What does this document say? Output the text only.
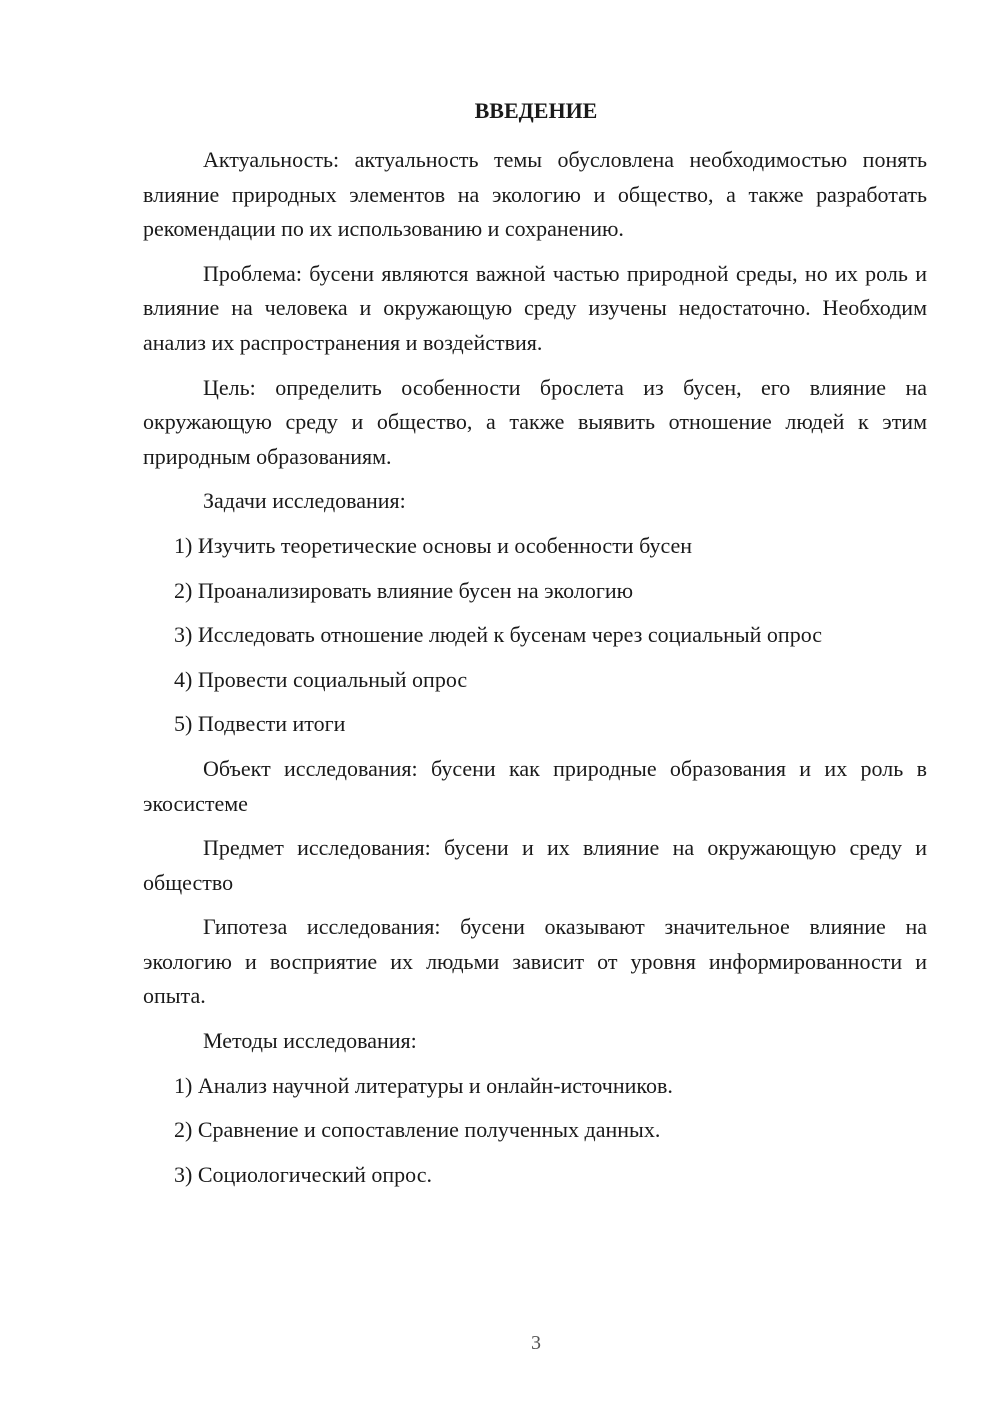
ВВЕДЕНИЕ

Актуальность: актуальность темы обусловлена необходимостью понять влияние природных элементов на экологию и общество, а также разработать рекомендации по их использованию и сохранению.

Проблема: бусени являются важной частью природной среды, но их роль и влияние на человека и окружающую среду изучены недостаточно. Необходим анализ их распространения и воздействия.

Цель: определить особенности брослета из бусен, его влияние на окружающую среду и общество, а также выявить отношение людей к этим природным образованиям.

Задачи исследования:

1) Изучить теоретические основы и особенности бусен

2) Проанализировать влияние бусен на экологию

3) Исследовать отношение людей к бусенам через социальный опрос

4) Провести социальный опрос

5) Подвести итоги

Объект исследования: бусени как природные образования и их роль в экосистеме

Предмет исследования: бусени и их влияние на окружающую среду и общество

Гипотеза исследования: бусени оказывают значительное влияние на экологию и восприятие их людьми зависит от уровня информированности и опыта.

Методы исследования:

1) Анализ научной литературы и онлайн-источников.

2) Сравнение и сопоставление полученных данных.

3) Социологический опрос.

3
